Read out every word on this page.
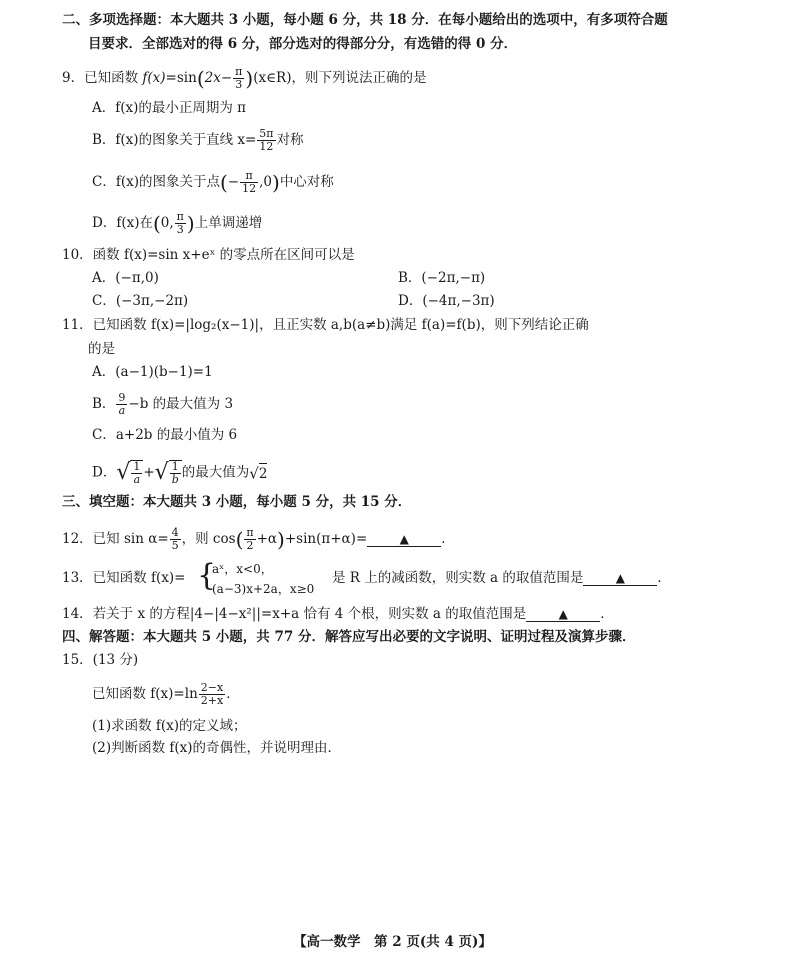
二、多项选择题：本大题共 3 小题，每小题 6 分，共 18 分．在每小题给出的选项中，有多项符合题
目要求．全部选对的得 6 分，部分选对的得部分分，有选错的得 0 分．
9．已知函数 $f(x)=\sin(2x- \frac{\pi}{3}$ )(x∈R)，则下列说法正确的是
A．f(x)的最小正周期为 π
B．f(x)的图象关于直线 $x= \frac{5\pi}{12}$ 对称
C．f(x)的图象关于点(− $\frac{\pi}{12} ,0$)中心对称
D．f(x)在(0, $\frac{\pi}{3}$ )上单调递增
10．函数 f(x)=sin x+eˣ 的零点所在区间可以是
A．(−π,0)	B．(−2π,−π)
C．(−3π,−2π)	D．(−4π,−3π)
11．已知函数 f(x)=|log₂(x−1)|，且正实数 a,b(a≠b)满足 f(a)=f(b)，则下列结论正确
的是
A．(a−1)(b−1)=1
B． $\frac{9}{a} -b$ 的最大值为 3
C．a+2b 的最小值为 6
D．√ $\frac{1}{a}$ +√ $\frac{1}{b}$ 的最大值为√2
三、填空题：本大题共 3 小题，每小题 5 分，共 15 分．
12．已知 $\sin \alpha= \frac{4}{5}$ ，则 $\cos( \frac{\pi}{2} +\alpha)+\sin(\pi+\alpha)=$	▲ ．
13．已知函数 f(x)= {
aˣ，x<0，
(a−3)x+2a，x≥0
是 R 上的减函数，则实数 a 的取值范围是	▲ ．
14．若关于 x 的方程|4−|4−x²||=x+a 恰有 4 个根，则实数 a 的取值范围是	▲ ．
四、解答题：本大题共 5 小题，共 77 分．解答应写出必要的文字说明、证明过程及演算步骤．
15．(13 分)
已知函数 $f(x)=\ln \frac{2-x}{2+x}$ ．
(1)求函数 f(x)的定义域；
(2)判断函数 f(x)的奇偶性，并说明理由．
【高一数学　第 2 页(共 4 页)】
